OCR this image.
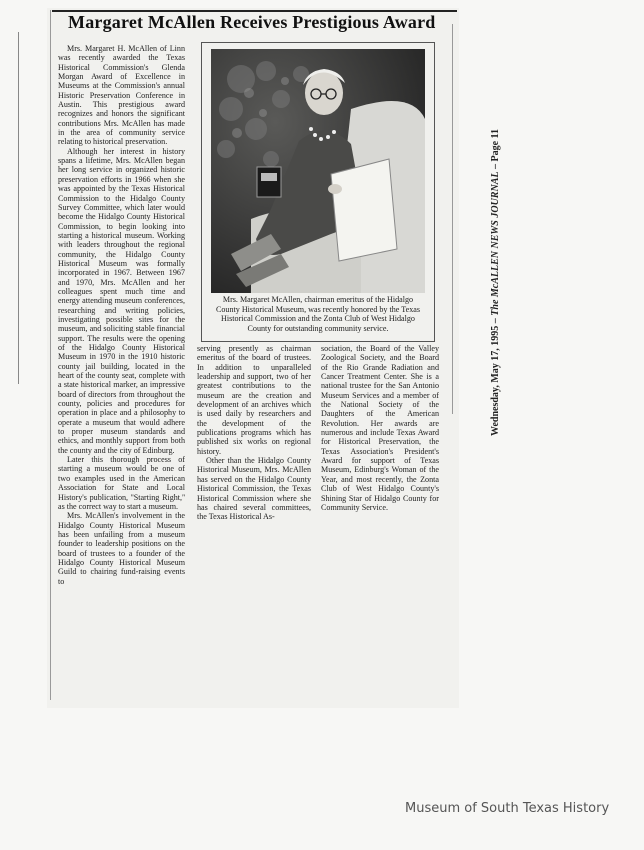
Margaret McAllen Receives Prestigious Award

Mrs. Margaret H. McAllen of Linn was recently awarded the Texas Historical Commission's Glenda Morgan Award of Excellence in Museums at the Commission's annual Historic Preservation Conference in Austin. This prestigious award recognizes and honors the significant contributions Mrs. McAllen has made in the area of community service relating to historical preservation.

Although her interest in history spans a lifetime, Mrs. McAllen began her long service in organized historic preservation efforts in 1966 when she was appointed by the Texas Historical Commission to the Hidalgo County Survey Committee, which later would become the Hidalgo County Historical Commission, to begin looking into starting a historical museum. Working with leaders throughout the regional community, the Hidalgo County Historical Museum was formally incorporated in 1967. Between 1967 and 1970, Mrs. McAllen and her colleagues spent much time and energy attending museum conferences, researching and writing policies, investigating possible sites for the museum, and soliciting stable financial support. The results were the opening of the Hidalgo County Historical Museum in 1970 in the 1910 historic county jail building, located in the heart of the county seat, complete with a state historical marker, an impressive board of directors from throughout the county, policies and procedures for operation in place and a philosophy to operate a museum that would adhere to proper museum standards and ethics, and monthly support from both the county and the city of Edinburg.

Later this thorough process of starting a museum would be one of two examples used in the American Association for State and Local History's publication, ''Starting Right,'' as the correct way to start a museum.

Mrs. McAllen's involvement in the Hidalgo County Historical Museum has been unfailing from a museum founder to leadership positions on the board of trustees to a founder of the Hidalgo County Historical Museum Guild to chairing fund-raising events to

Mrs. Margaret McAllen, chairman emeritus of the Hidalgo County Historical Museum, was recently honored by the Texas Historical Commission and the Zonta Club of West Hidalgo County for outstanding community service.

serving presently as chairman emeritus of the board of trustees. In addition to unparalleled leadership and support, two of her greatest contributions to the museum are the creation and development of an archives which is used daily by researchers and the development of the publications programs which has published six works on regional history.

Other than the Hidalgo County Historical Museum, Mrs. McAllen has served on the Hidalgo County Historical Commission, the Texas Historical Commission where she has chaired several committees, the Texas Historical As-

sociation, the Board of the Valley Zoological Society, and the Board of the Rio Grande Radiation and Cancer Treatment Center. She is a national trustee for the San Antonio Museum Services and a member of the National Society of the Daughters of the American Revolution. Her awards are numerous and include Texas Award for Historical Preservation, the Texas Association's President's Award for support of Texas Museum, Edinburg's Woman of the Year, and most recently, the Zonta Club of West Hidalgo County's Shining Star of Hidalgo County for Community Service.

Wednesday, May 17, 1995 – The McALLEN NEWS JOURNAL – Page 11
Museum of South Texas History
